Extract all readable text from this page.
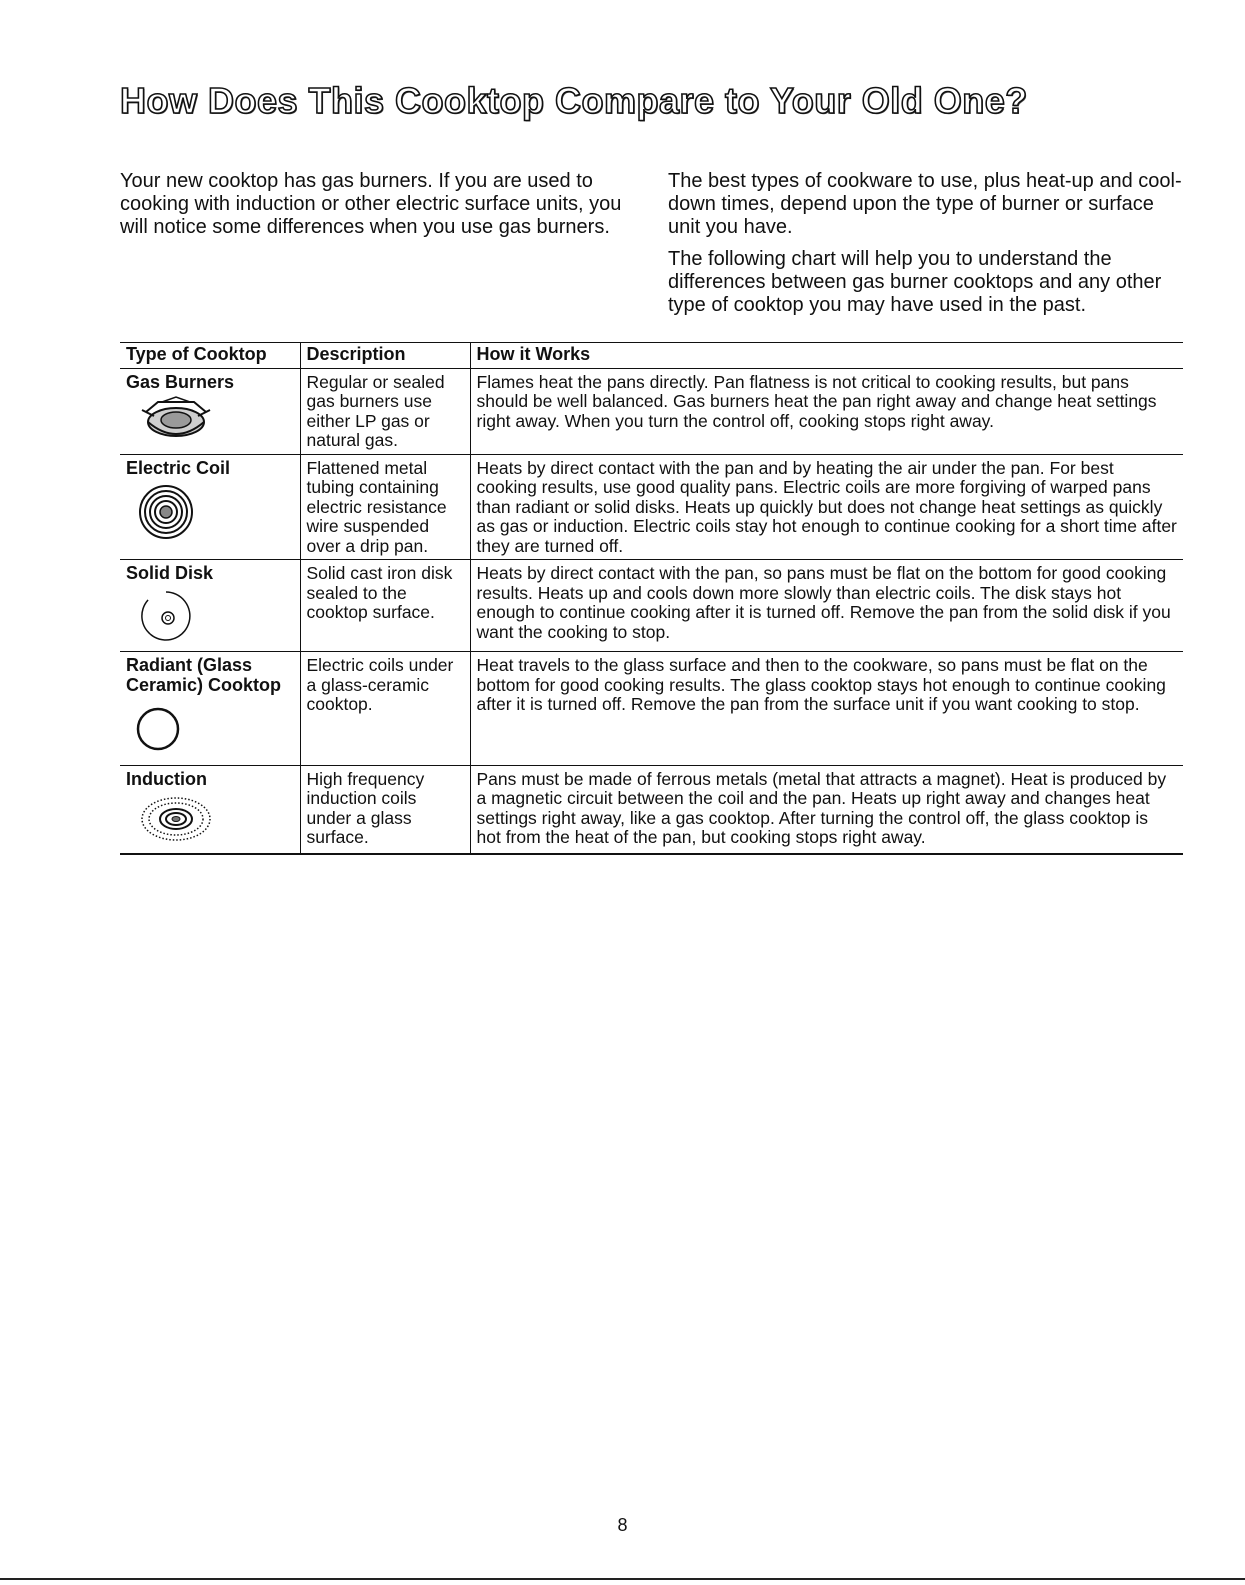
How Does This Cooktop Compare to Your Old One?

Your new cooktop has gas burners. If you are used to cooking with induction or other electric surface units, you will notice some differences when you use gas burners.

The best types of cookware to use, plus heat-up and cool-down times, depend upon the type of burner or surface unit you have.

The following chart will help you to understand the differences between gas burner cooktops and any other type of cooktop you may have used in the past.

Type of Cooktop	Description	How it Works

Gas Burners	Regular or sealed gas burners use either LP gas or natural gas.	Flames heat the pans directly. Pan flatness is not critical to cooking results, but pans should be well balanced. Gas burners heat the pan right away and change heat settings right away. When you turn the control off, cooking stops right away.

Electric Coil	Flattened metal tubing containing electric resistance wire suspended over a drip pan.	Heats by direct contact with the pan and by heating the air under the pan. For best cooking results, use good quality pans. Electric coils are more forgiving of warped pans than radiant or solid disks. Heats up quickly but does not change heat settings as quickly as gas or induction. Electric coils stay hot enough to continue cooking for a short time after they are turned off.

Solid Disk	Solid cast iron disk sealed to the cooktop surface.	Heats by direct contact with the pan, so pans must be flat on the bottom for good cooking results. Heats up and cools down more slowly than electric coils. The disk stays hot enough to continue cooking after it is turned off. Remove the pan from the solid disk if you want the cooking to stop.

Radiant (Glass Ceramic) Cooktop	Electric coils under a glass-ceramic cooktop.	Heat travels to the glass surface and then to the cookware, so pans must be flat on the bottom for good cooking results. The glass cooktop stays hot enough to continue cooking after it is turned off. Remove the pan from the surface unit if you want cooking to stop.

Induction	High frequency induction coils under a glass surface.	Pans must be made of ferrous metals (metal that attracts a magnet). Heat is produced by a magnetic circuit between the coil and the pan. Heats up right away and changes heat settings right away, like a gas cooktop. After turning the control off, the glass cooktop is hot from the heat of the pan, but cooking stops right away.
8
